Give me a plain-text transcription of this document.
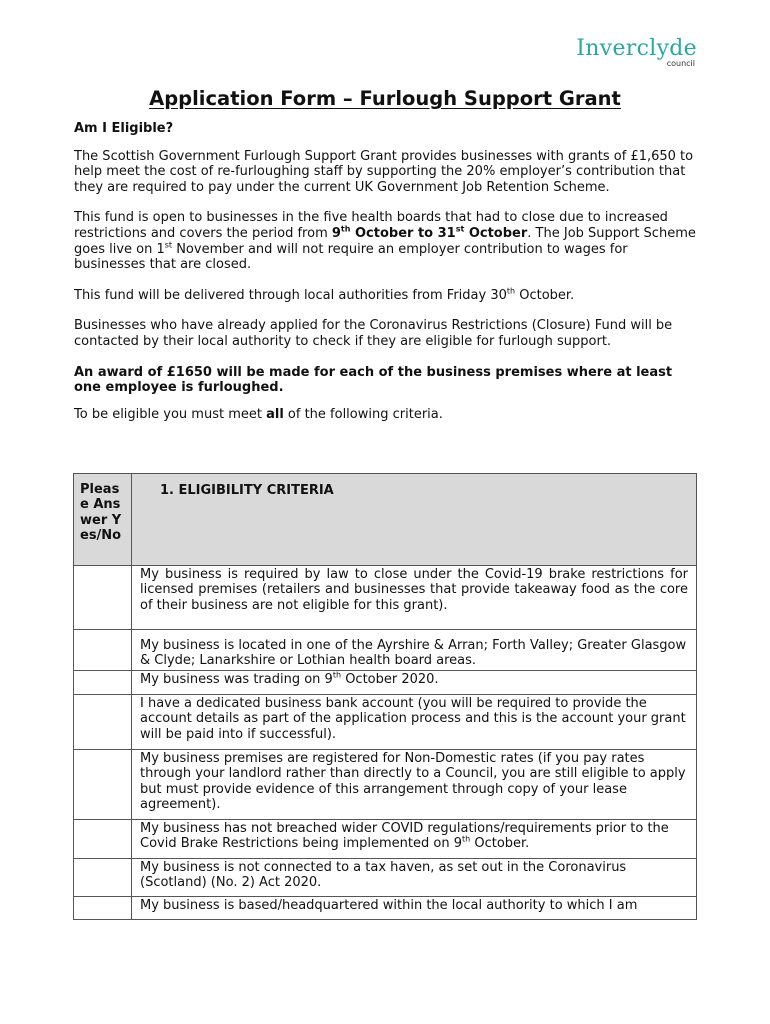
Inverclyde
council
Application Form – Furlough Support Grant

Am I Eligible?

The Scottish Government Furlough Support Grant provides businesses with grants of £1,650 to help meet the cost of re-furloughing staff by supporting the 20% employer’s contribution that they are required to pay under the current UK Government Job Retention Scheme.

This fund is open to businesses in the five health boards that had to close due to increased restrictions and covers the period from 9th October to 31st October. The Job Support Scheme goes live on 1st November and will not require an employer contribution to wages for businesses that are closed.

This fund will be delivered through local authorities from Friday 30th October.

Businesses who have already applied for the Coronavirus Restrictions (Closure) Fund will be contacted by their local authority to check if they are eligible for furlough support.

An award of £1650 will be made for each of the business premises where at least one employee is furloughed.

To be eligible you must meet all of the following criteria.

Please Answer Yes/No	1. ELIGIBILITY CRITERIA
	My business is required by law to close under the Covid-19 brake restrictions for licensed premises (retailers and businesses that provide takeaway food as the core of their business are not eligible for this grant).
	My business is located in one of the Ayrshire & Arran; Forth Valley; Greater Glasgow & Clyde; Lanarkshire or Lothian health board areas.
	My business was trading on 9th October 2020.
	I have a dedicated business bank account (you will be required to provide the account details as part of the application process and this is the account your grant will be paid into if successful).
	My business premises are registered for Non-Domestic rates (if you pay rates through your landlord rather than directly to a Council, you are still eligible to apply but must provide evidence of this arrangement through copy of your lease agreement).
	My business has not breached wider COVID regulations/requirements prior to the Covid Brake Restrictions being implemented on 9th October.
	My business is not connected to a tax haven, as set out in the Coronavirus (Scotland) (No. 2) Act 2020.
	My business is based/headquartered within the local authority to which I am
